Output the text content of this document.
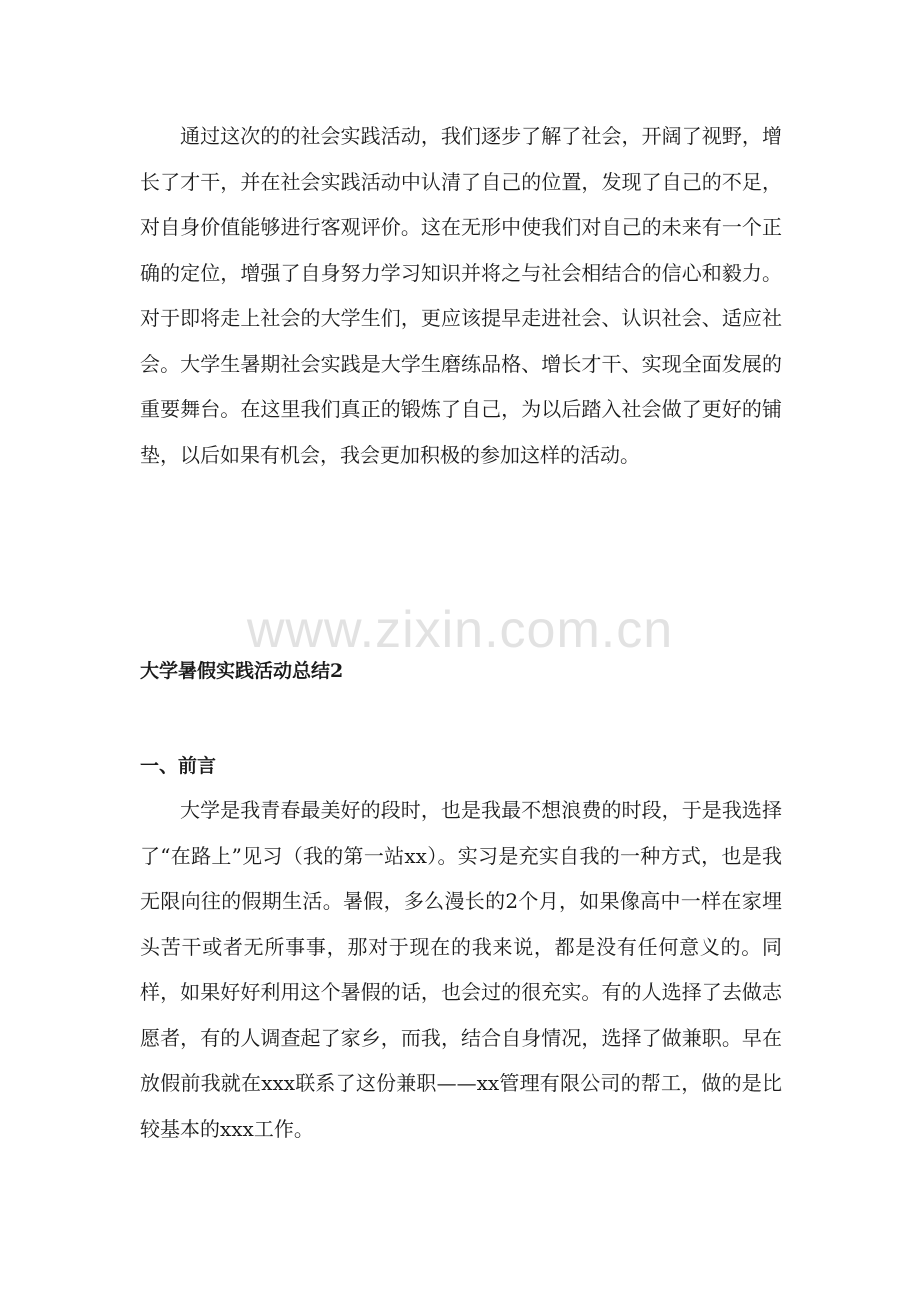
www.zixin.com.cn

通过这次的的社会实践活动，我们逐步了解了社会，开阔了视野，增长了才干，并在社会实践活动中认清了自己的位置，发现了自己的不足，对自身价值能够进行客观评价。这在无形中使我们对自己的未来有一个正确的定位，增强了自身努力学习知识并将之与社会相结合的信心和毅力。对于即将走上社会的大学生们，更应该提早走进社会、认识社会、适应社会。大学生暑期社会实践是大学生磨练品格、增长才干、实现全面发展的重要舞台。在这里我们真正的锻炼了自己，为以后踏入社会做了更好的铺垫，以后如果有机会，我会更加积极的参加这样的活动。

大学暑假实践活动总结2
一、前言

大学是我青春最美好的段时，也是我最不想浪费的时段，于是我选择了“在路上”见习（我的第一站xx）。实习是充实自我的一种方式，也是我无限向往的假期生活。暑假，多么漫长的2个月，如果像高中一样在家埋头苦干或者无所事事，那对于现在的我来说，都是没有任何意义的。同样，如果好好利用这个暑假的话，也会过的很充实。有的人选择了去做志愿者，有的人调查起了家乡，而我，结合自身情况，选择了做兼职。早在放假前我就在xxx联系了这份兼职——xx管理有限公司的帮工，做的是比较基本的xxx工作。
